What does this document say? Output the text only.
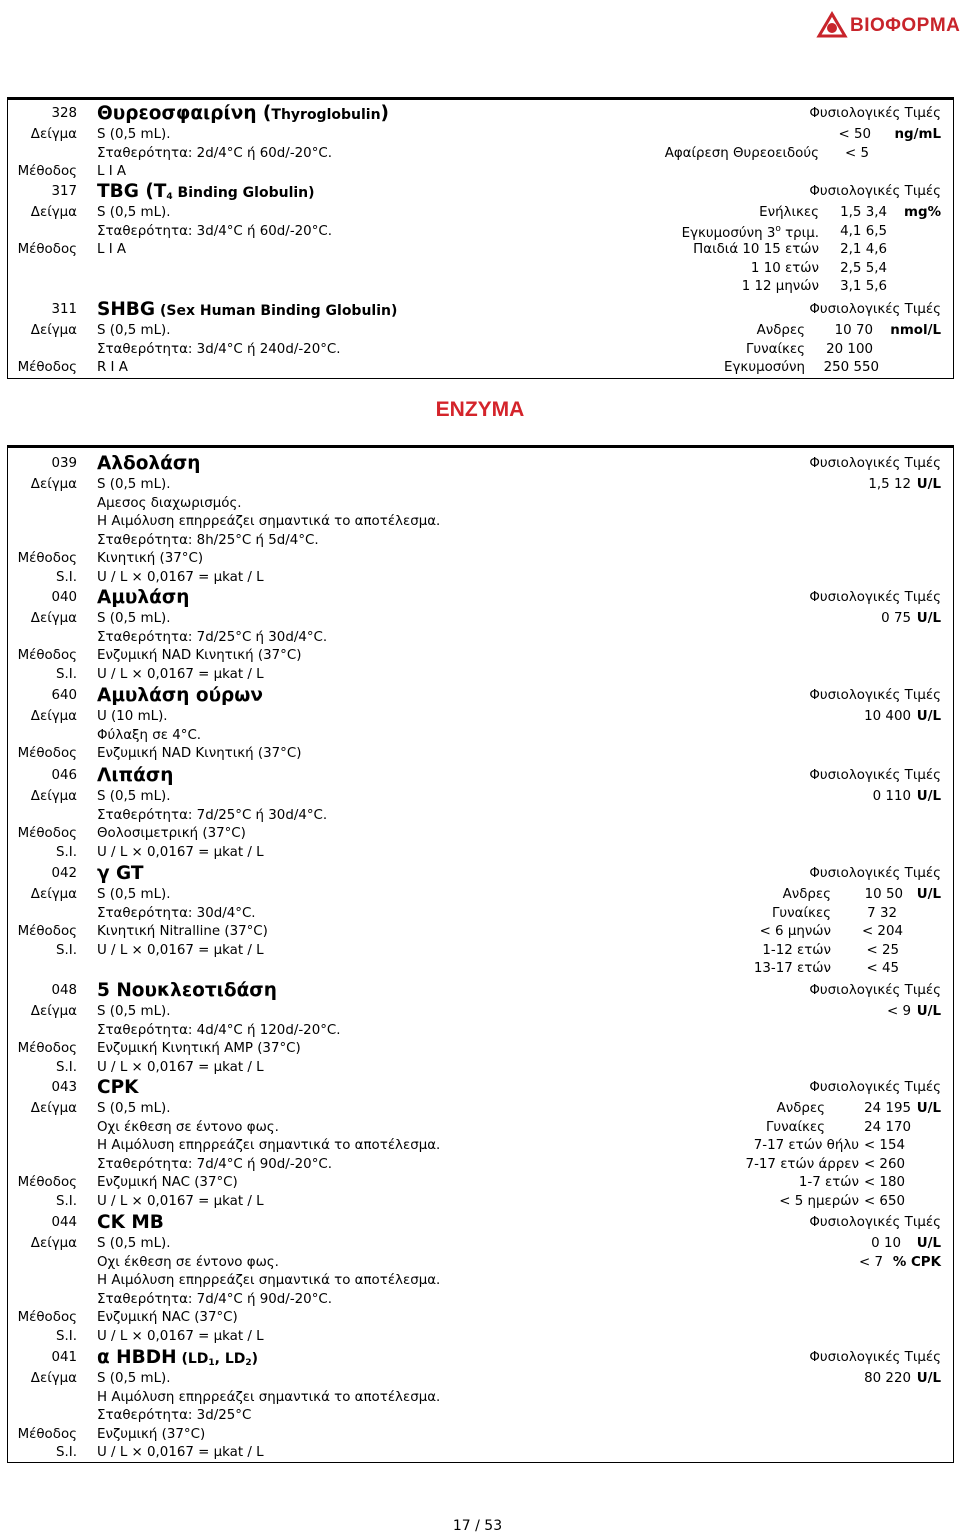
ΒΙΟΦΟΡΜΑ
328 Θυρεοσφαιρίνη (Thyroglobulin)	Φυσιολογικές Τιμές
Δείγμα S (0,5 mL).	< 50 ng/mL
Σταθερότητα: 2d/4°C ή 60d/-20°C.	Αφαίρεση Θυρεοειδούς < 5
Μέθοδος L I A
317 TBG ($T_4$ Binding Globulin)	Φυσιολογικές Τιμές
Δείγμα S (0,5 mL).	Ενήλικες 1,5 3,4 mg%
Σταθερότητα: 3d/4°C ή 60d/-20°C.	Εγκυμοσύνη $3^o$ τριμ. 4,1 6,5
Μέθοδος L I A	Παιδιά 10 15 ετών 2,1 4,6
1 10 ετών 2,5 5,4
1 12 μηνών 3,1 5,6
311 SHBG (Sex Human Binding Globulin)	Φυσιολογικές Τιμές
Δείγμα S (0,5 mL).	Ανδρες 10 70 nmol/L
Σταθερότητα: 3d/4°C ή 240d/-20°C.	Γυναίκες 20 100
Μέθοδος R I A	Εγκυμοσύνη 250 550
ΕΝΖΥΜΑ
039 Αλδολάση	Φυσιολογικές Τιμές
Δείγμα S (0,5 mL).	1,5 12 U/L
Αμεσος διαχωρισμός.
Η Αιμόλυση επηρρεάζει σημαντικά το αποτέλεσμα.
Σταθερότητα: 8h/25°C ή 5d/4°C.
Μέθοδος Κινητική (37°C)
S.I. U / L × 0,0167 = μkat / L
040 Αμυλάση	Φυσιολογικές Τιμές
Δείγμα S (0,5 mL).	0 75 U/L
Σταθερότητα: 7d/25°C ή 30d/4°C.
Μέθοδος Ενζυμική NAD Κινητική (37°C)
S.I. U / L × 0,0167 = μkat / L
640 Αμυλάση ούρων	Φυσιολογικές Τιμές
Δείγμα U (10 mL).	10 400 U/L
Φύλαξη σε 4°C.
Μέθοδος Ενζυμική NAD Κινητική (37°C)
046 Λιπάση	Φυσιολογικές Τιμές
Δείγμα S (0,5 mL).	0 110 U/L
Σταθερότητα: 7d/25°C ή 30d/4°C.
Μέθοδος Θολοσιμετρική (37°C)
S.I. U / L × 0,0167 = μkat / L
042 γ GT	Φυσιολογικές Τιμές
Δείγμα S (0,5 mL).	Ανδρες	10 50 U/L
Σταθερότητα: 30d/4°C.	Γυναίκες	7 32
Μέθοδος Κινητική Nitralline (37°C)	< 6 μηνών < 204
S.I. U / L × 0,0167 = μkat / L	1-12 ετών	< 25
13-17 ετών	< 45
048 5 Νουκλεοτιδάση	Φυσιολογικές Τιμές
Δείγμα S (0,5 mL).	< 9 U/L
Σταθερότητα: 4d/4°C ή 120d/-20°C.
Μέθοδος Ενζυμική Κινητική AMP (37°C)
S.I. U / L × 0,0167 = μkat / L
043 CPK	Φυσιολογικές Τιμές
Δείγμα S (0,5 mL).	Ανδρες	24 195 U/L
Οχι έκθεση σε έντονο φως.	Γυναίκες	24 170
Η Αιμόλυση επηρρεάζει σημαντικά το αποτέλεσμα.	7-17 ετών θήλυ < 154
Σταθερότητα: 7d/4°C ή 90d/-20°C.	7-17 ετών άρρεν < 260
Μέθοδος Ενζυμική NAC (37°C)	1-7 ετών < 180
S.I. U / L × 0,0167 = μkat / L	< 5 ημερών < 650
044 CK MB	Φυσιολογικές Τιμές
Δείγμα S (0,5 mL).	0 10 U/L
Οχι έκθεση σε έντονο φως.	< 7 % CPK
Η Αιμόλυση επηρρεάζει σημαντικά το αποτέλεσμα.
Σταθερότητα: 7d/4°C ή 90d/-20°C.
Μέθοδος Ενζυμική NAC (37°C)
S.I. U / L × 0,0167 = μkat / L
041 α HBDH ($LD_1$, $LD_2$)	Φυσιολογικές Τιμές
Δείγμα S (0,5 mL).	80 220 U/L
Η Αιμόλυση επηρρεάζει σημαντικά το αποτέλεσμα.
Σταθερότητα: 3d/25°C
Μέθοδος Ενζυμική (37°C)
S.I. U / L × 0,0167 = μkat / L
17 / 53
